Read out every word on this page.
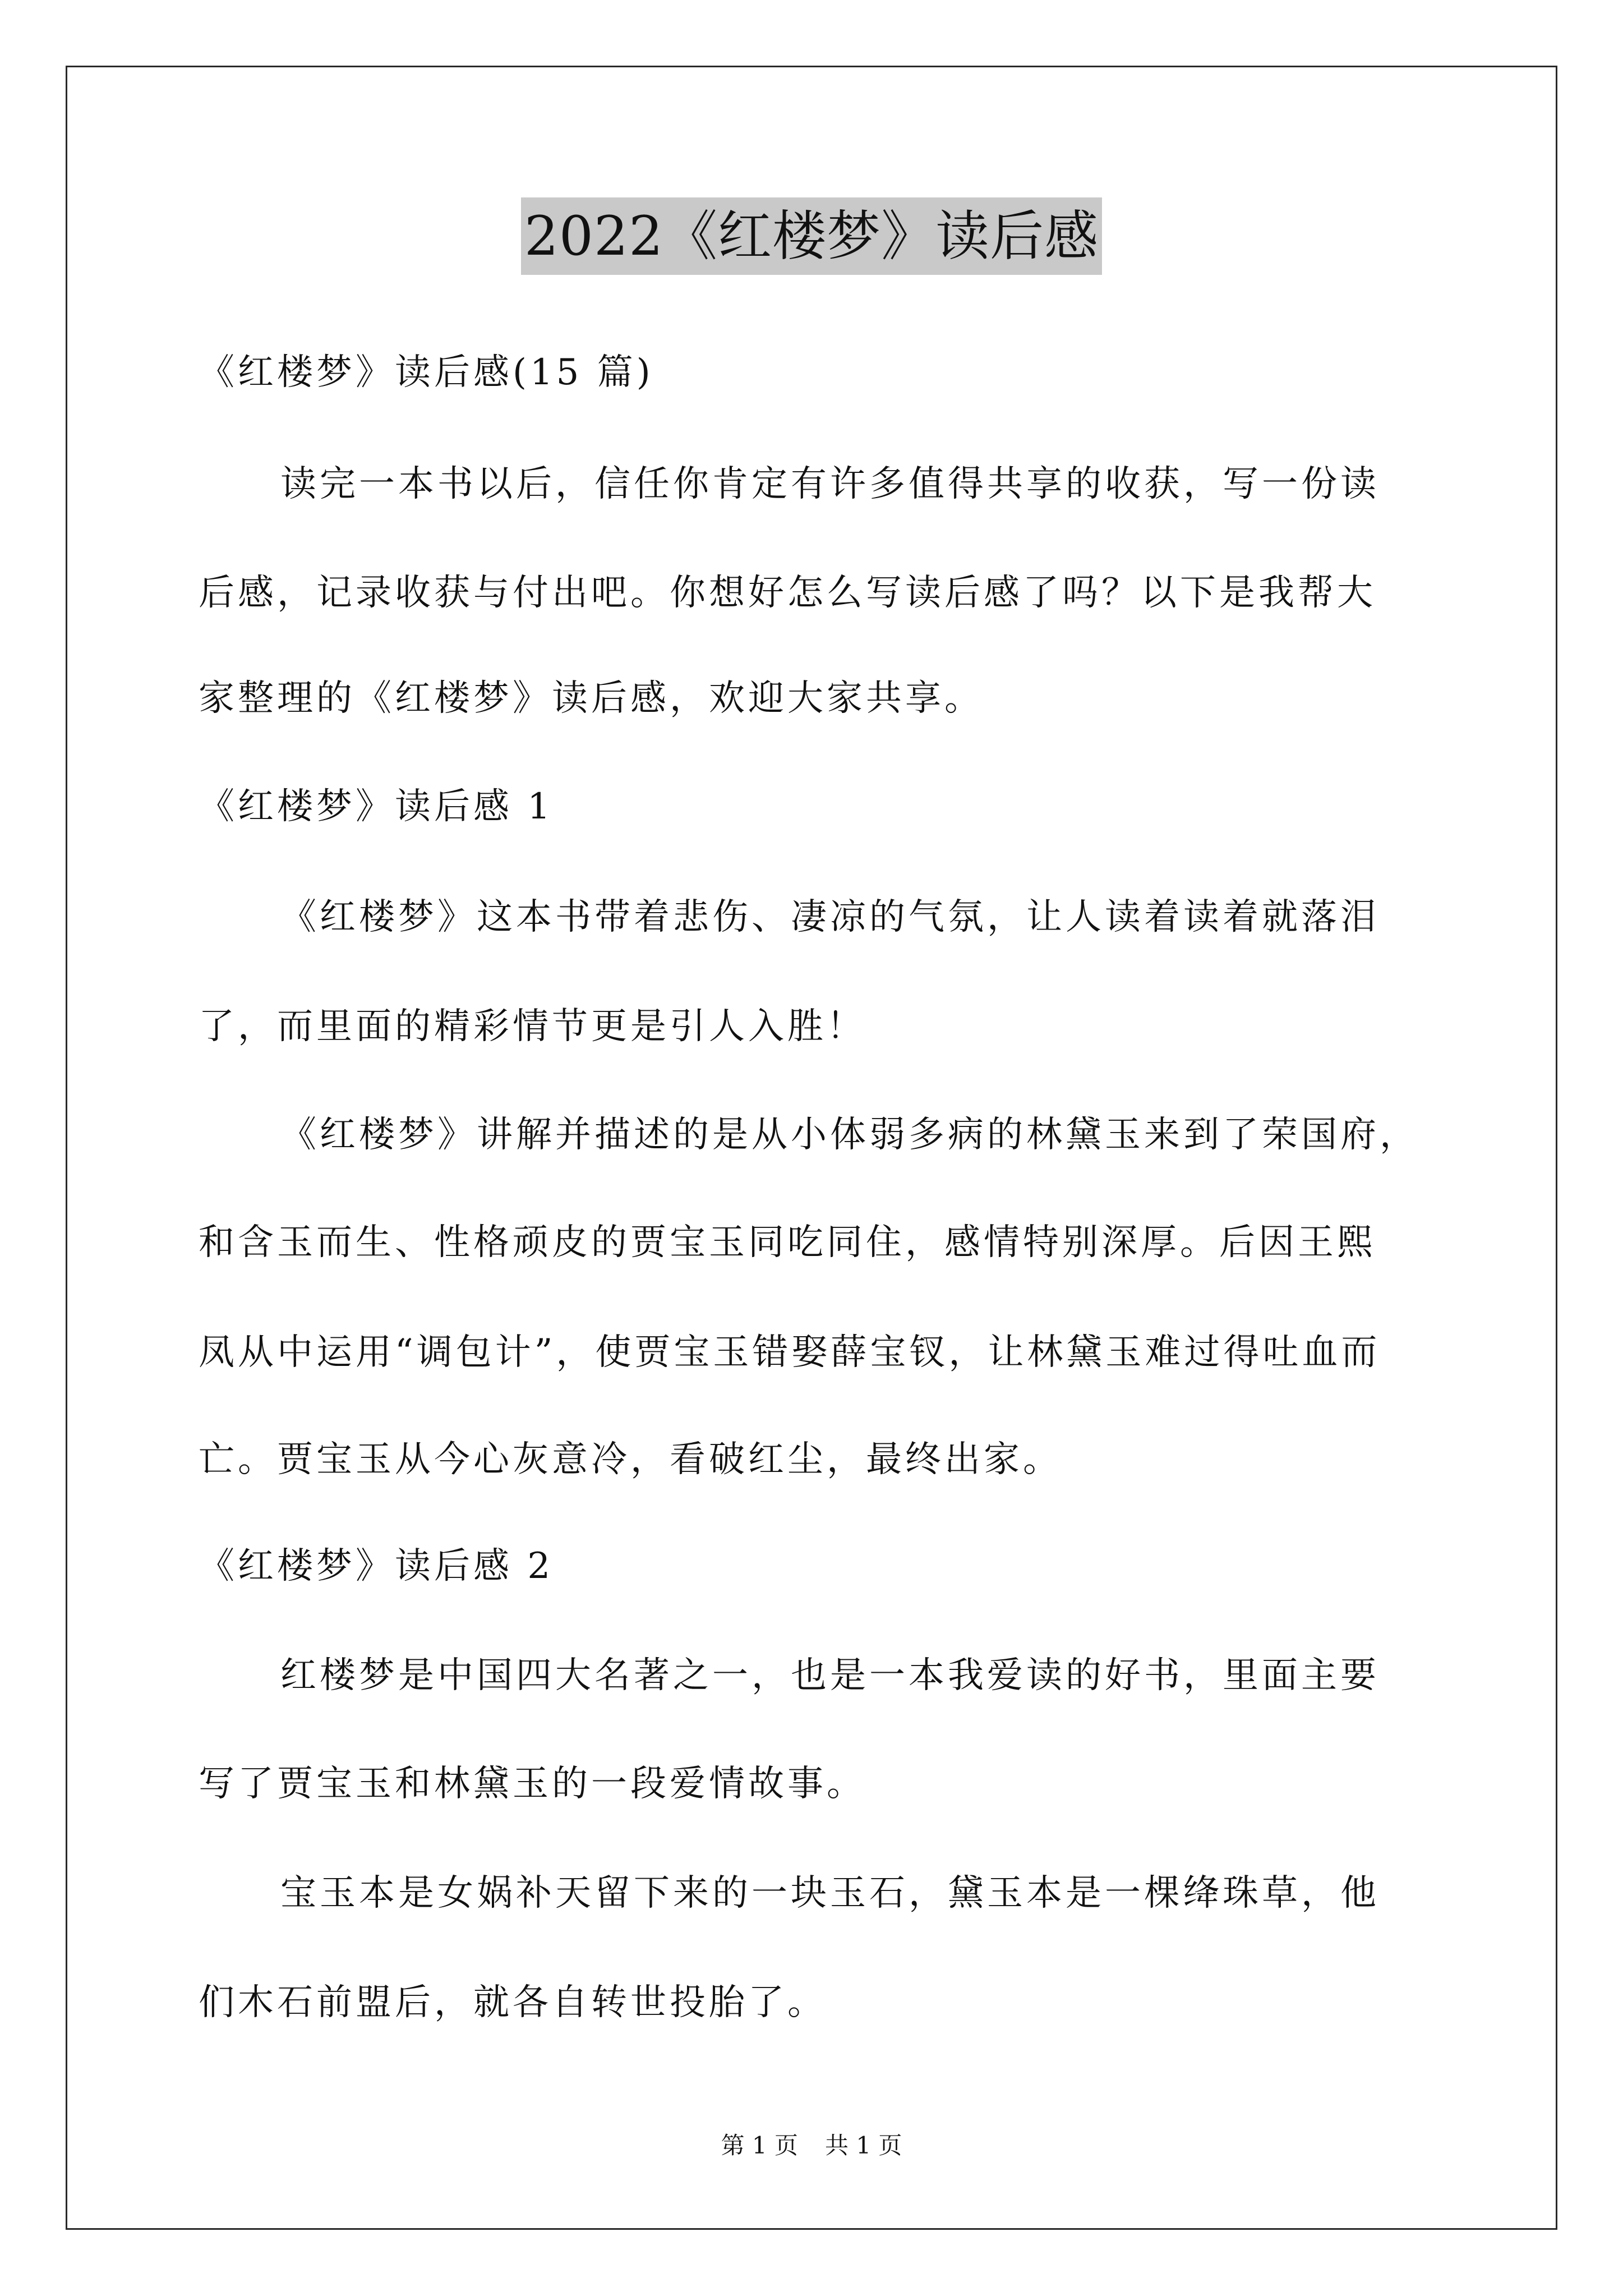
2022《红楼梦》读后感

《红楼梦》读后感(15 篇)

读完一本书以后，信任你肯定有许多值得共享的收获，写一份读

后感，记录收获与付出吧。你想好怎么写读后感了吗？以下是我帮大

家整理的《红楼梦》读后感，欢迎大家共享。

《红楼梦》读后感 1

《红楼梦》这本书带着悲伤、凄凉的气氛，让人读着读着就落泪

了，而里面的精彩情节更是引人入胜！

《红楼梦》讲解并描述的是从小体弱多病的林黛玉来到了荣国府，

和含玉而生、性格顽皮的贾宝玉同吃同住，感情特别深厚。后因王熙

凤从中运用“调包计”，使贾宝玉错娶薛宝钗，让林黛玉难过得吐血而

亡。贾宝玉从今心灰意冷，看破红尘，最终出家。

《红楼梦》读后感 2

红楼梦是中国四大名著之一，也是一本我爱读的好书，里面主要

写了贾宝玉和林黛玉的一段爱情故事。

宝玉本是女娲补天留下来的一块玉石，黛玉本是一棵绛珠草，他

们木石前盟后，就各自转世投胎了。

第 1 页 共 1 页
